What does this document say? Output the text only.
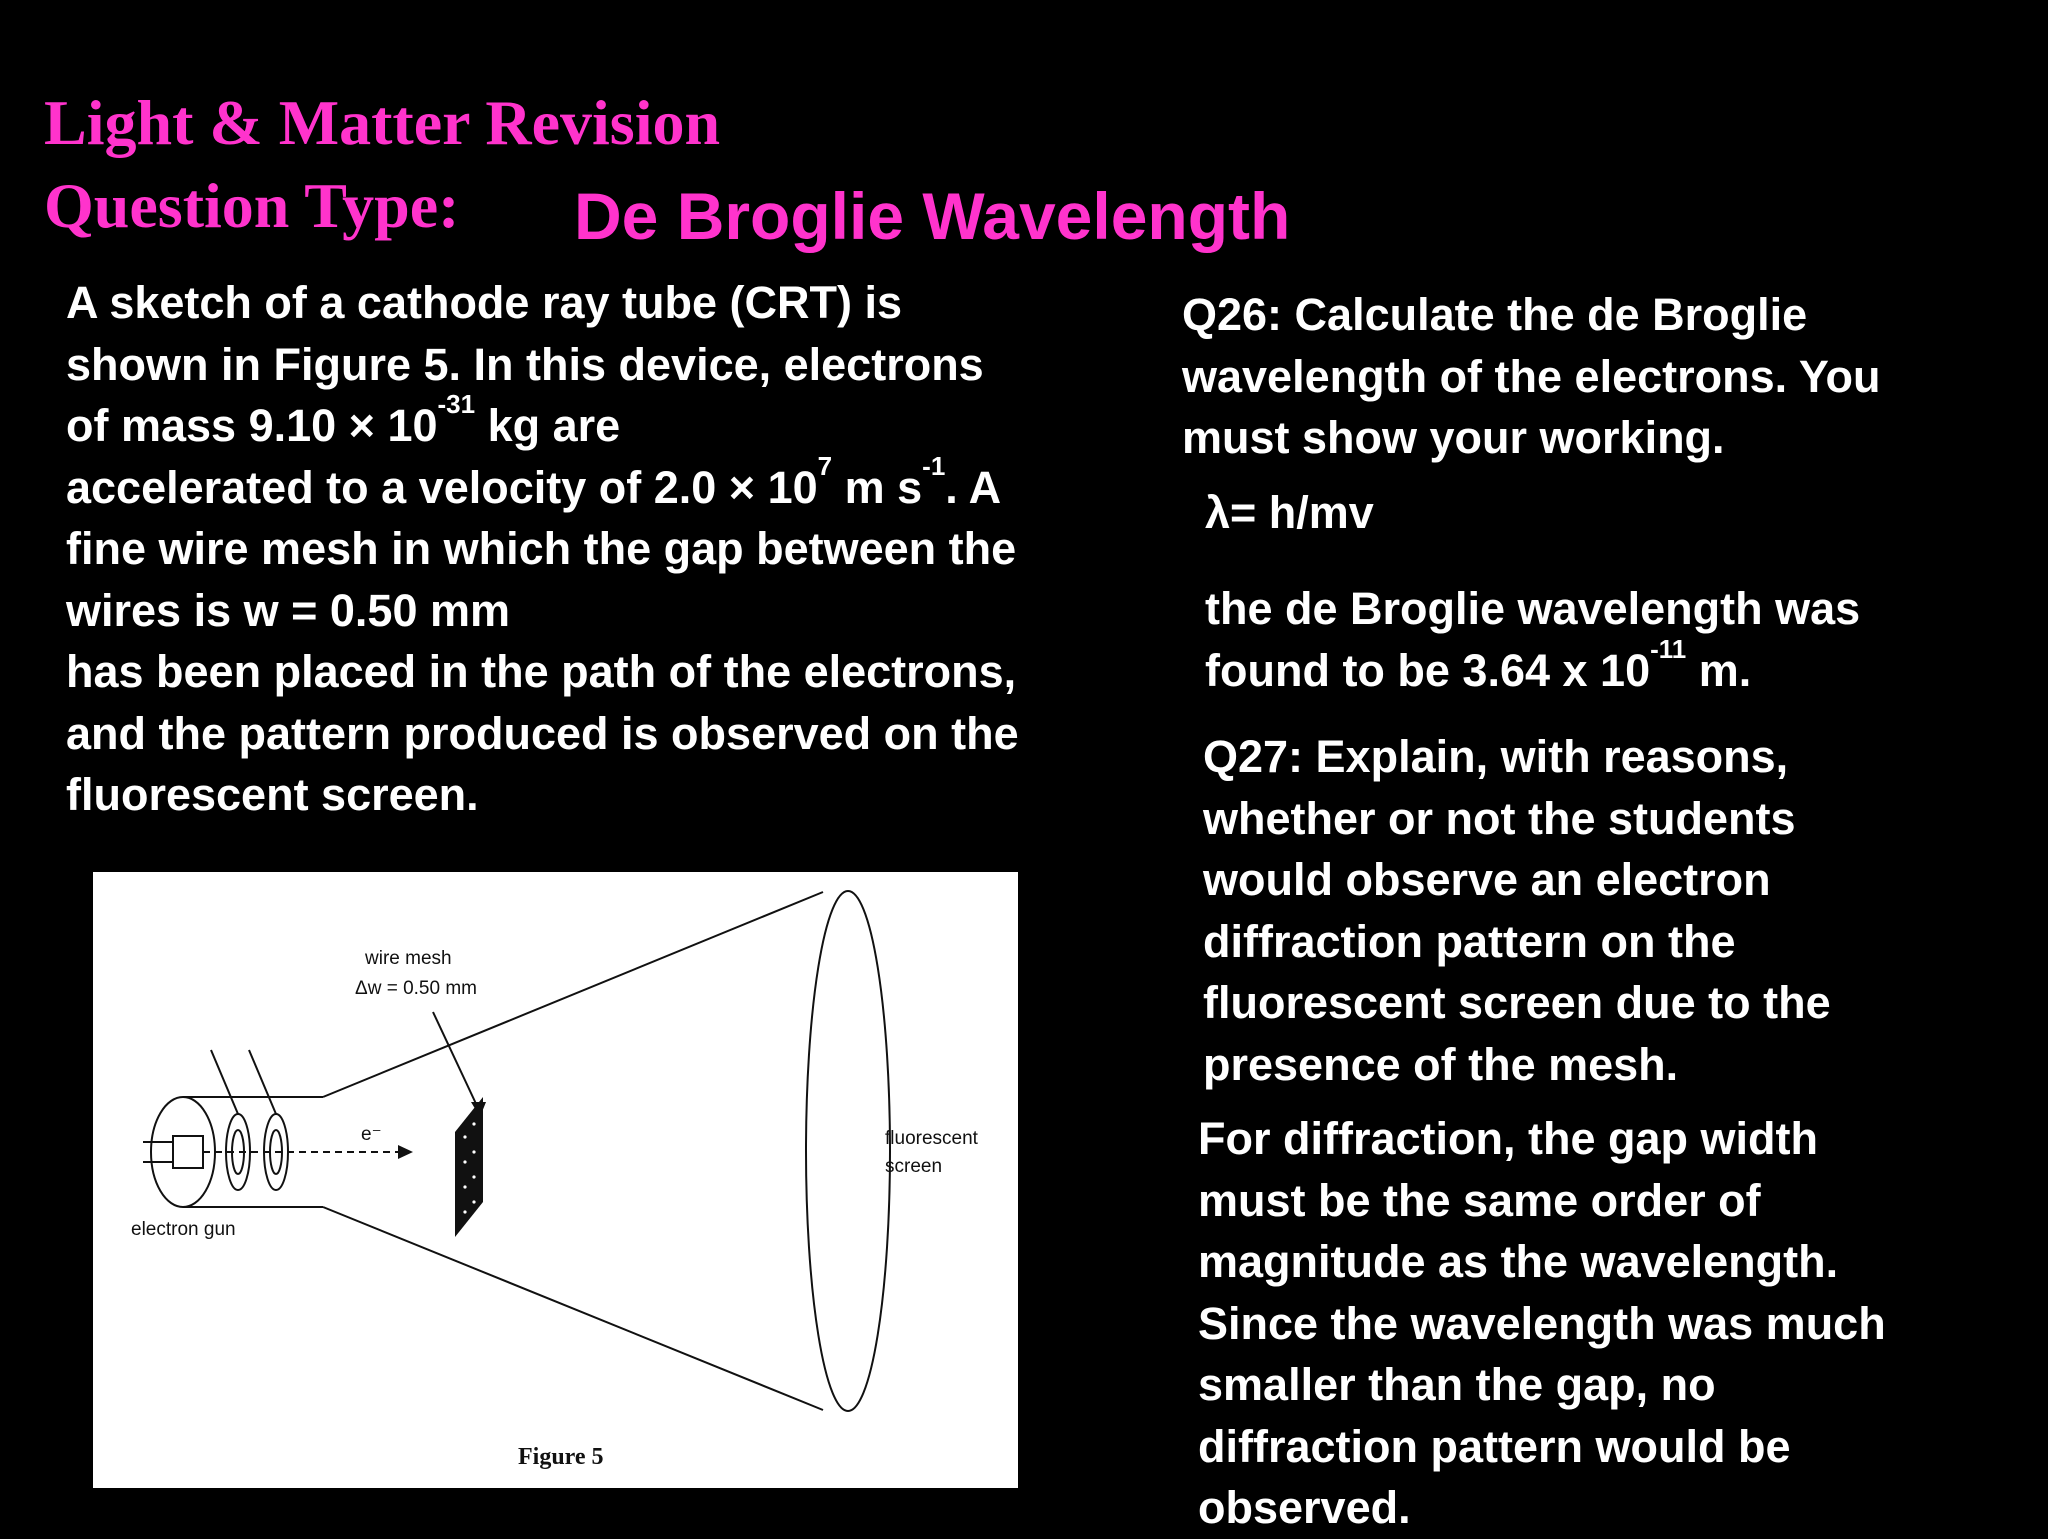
Light & Matter Revision
Question Type: De Broglie Wavelength

A sketch of a cathode ray tube (CRT) is

shown in Figure 5. In this device, electrons

of mass $9.10 \times 10^{-31}$ kg are

accelerated to a velocity of $2.0 \times 10^7$ m $s^{-1}$. A

fine wire mesh in which the gap between the

wires is w = 0.50 mm

has been placed in the path of the electrons,

and the pattern produced is observed on the

fluorescent screen.

wire mesh
Δw = 0.50 mm
e⁻	fluorescent
screen
electron gun
Figure 5

Q26: Calculate the de Broglie

wavelength of the electrons. You

must show your working.

λ= h/mv

the de Broglie wavelength was

found to be 3.64 x $10^{-11}$ m.

Q27: Explain, with reasons,

whether or not the students

would observe an electron

diffraction pattern on the

fluorescent screen due to the

presence of the mesh.

For diffraction, the gap width

must be the same order of

magnitude as the wavelength.

Since the wavelength was much

smaller than the gap, no

diffraction pattern would be

observed.
